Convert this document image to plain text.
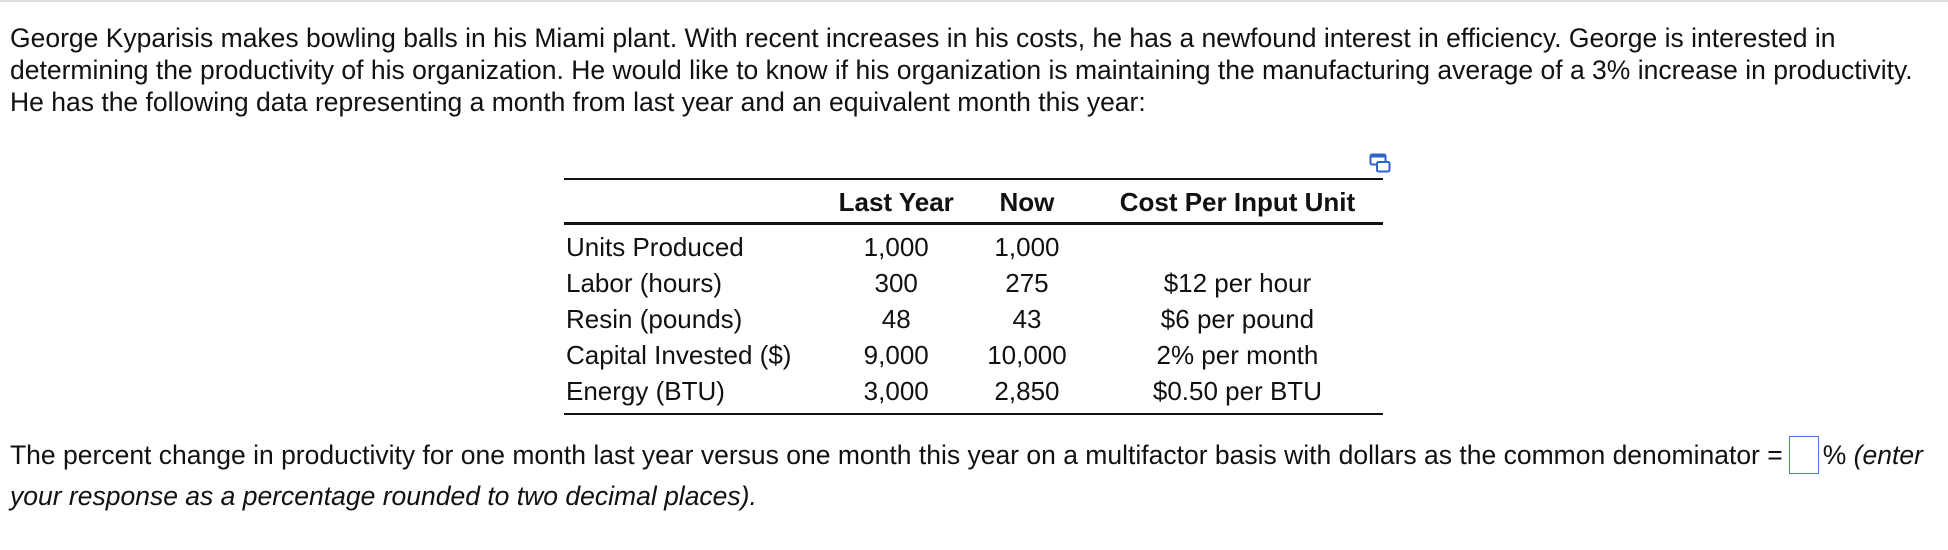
George Kyparisis makes bowling balls in his Miami plant. With recent increases in his costs, he has a newfound interest in efficiency. George is interested in determining the productivity of his organization. He would like to know if his organization is maintaining the manufacturing average of a 3% increase in productivity. He has the following data representing a month from last year and an equivalent month this year:

	Last Year	Now	Cost Per Input Unit
Units Produced	1,000	1,000	
Labor (hours)	300	275	$12 per hour
Resin (pounds)	48	43	$6 per pound
Capital Invested ($)	9,000	10,000	2% per month
Energy (BTU)	3,000	2,850	$0.50 per BTU
The percent change in productivity for one month last year versus one month this year on a multifactor basis with dollars as the common denominator = % (enter your response as a percentage rounded to two decimal places).
